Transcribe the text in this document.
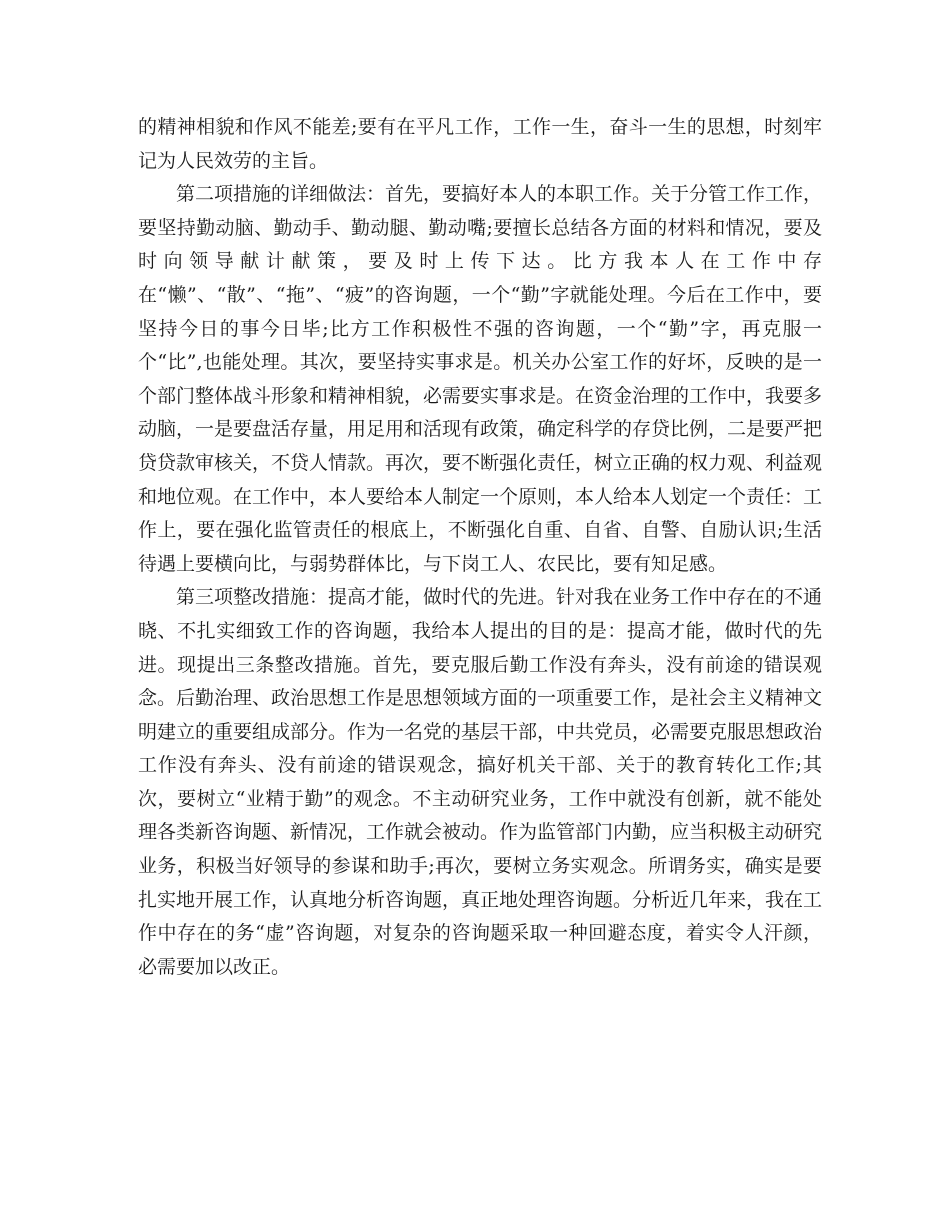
的精神相貌和作风不能差;要有在平凡工作，工作一生，奋斗一生的思想，时刻牢记为人民效劳的主旨。

第二项措施的详细做法：首先，要搞好本人的本职工作。关于分管工作工作，要坚持勤动脑、勤动手、勤动腿、勤动嘴;要擅长总结各方面的材料和情况，要及时向领导献计献策，要及时上传下达。比方我本人在工作中存在“懒”、“散”、“拖”、“疲”的咨询题，一个“勤”字就能处理。今后在工作中，要坚持今日的事今日毕;比方工作积极性不强的咨询题，一个“勤”字，再克服一个“比”,也能处理。其次，要坚持实事求是。机关办公室工作的好坏，反映的是一个部门整体战斗形象和精神相貌，必需要实事求是。在资金治理的工作中，我要多动脑，一是要盘活存量，用足用和活现有政策，确定科学的存贷比例，二是要严把贷贷款审核关，不贷人情款。再次，要不断强化责任，树立正确的权力观、利益观和地位观。在工作中，本人要给本人制定一个原则，本人给本人划定一个责任：工作上，要在强化监管责任的根底上，不断强化自重、自省、自警、自励认识;生活待遇上要横向比，与弱势群体比，与下岗工人、农民比，要有知足感。

第三项整改措施：提高才能，做时代的先进。针对我在业务工作中存在的不通晓、不扎实细致工作的咨询题，我给本人提出的目的是：提高才能，做时代的先进。现提出三条整改措施。首先，要克服后勤工作没有奔头，没有前途的错误观念。后勤治理、政治思想工作是思想领域方面的一项重要工作，是社会主义精神文明建立的重要组成部分。作为一名党的基层干部，中共党员，必需要克服思想政治工作没有奔头、没有前途的错误观念，搞好机关干部、关于的教育转化工作;其次，要树立“业精于勤”的观念。不主动研究业务，工作中就没有创新，就不能处理各类新咨询题、新情况，工作就会被动。作为监管部门内勤，应当积极主动研究业务，积极当好领导的参谋和助手;再次，要树立务实观念。所谓务实，确实是要扎实地开展工作，认真地分析咨询题，真正地处理咨询题。分析近几年来，我在工作中存在的务“虚”咨询题，对复杂的咨询题采取一种回避态度，着实令人汗颜，必需要加以改正。
